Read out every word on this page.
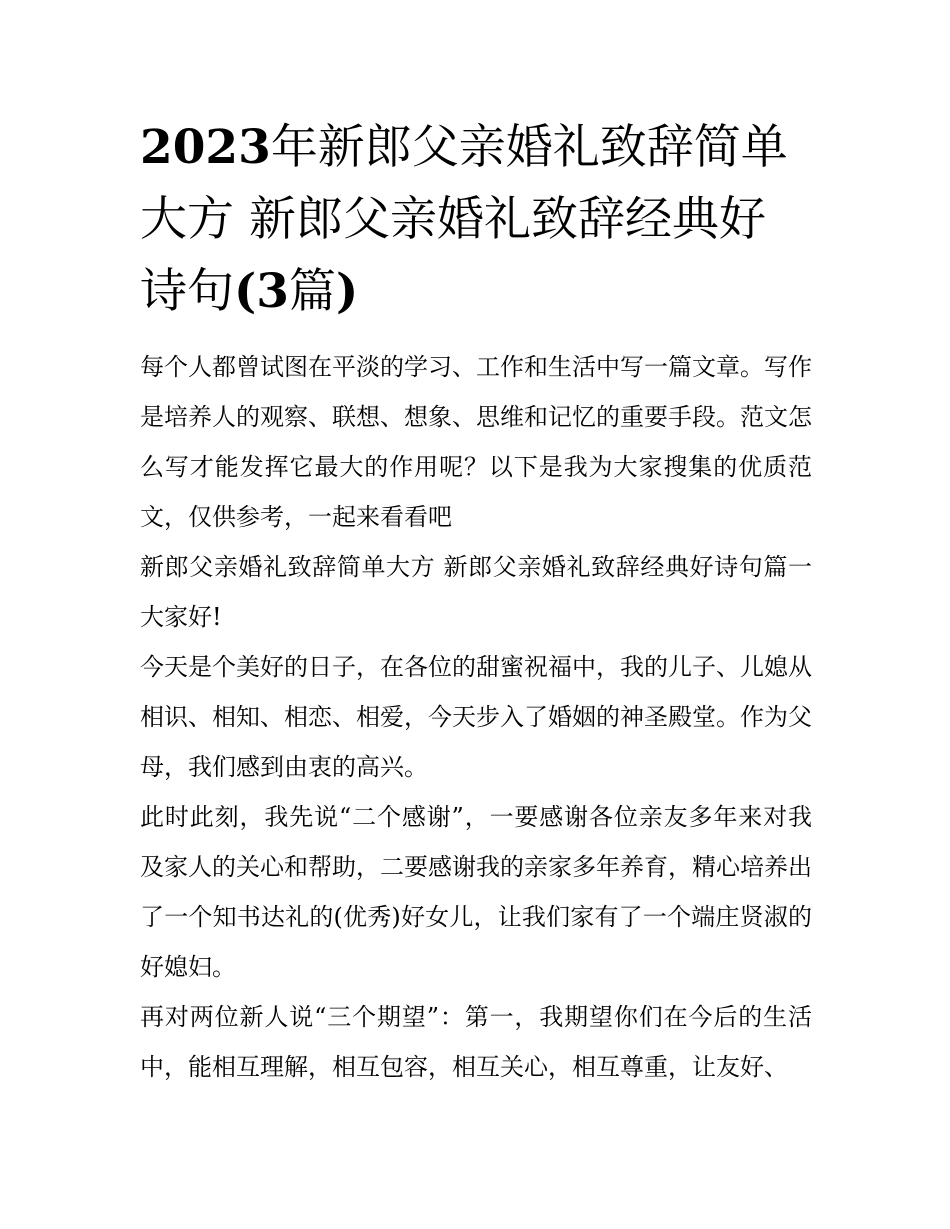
2023年新郎父亲婚礼致辞简单大方 新郎父亲婚礼致辞经典好诗句(3篇)

每个人都曾试图在平淡的学习、工作和生活中写一篇文章。写作是培养人的观察、联想、想象、思维和记忆的重要手段。范文怎么写才能发挥它最大的作用呢？以下是我为大家搜集的优质范文，仅供参考，一起来看看吧

新郎父亲婚礼致辞简单大方 新郎父亲婚礼致辞经典好诗句篇一 大家好!

今天是个美好的日子，在各位的甜蜜祝福中，我的儿子、儿媳从相识、相知、相恋、相爱，今天步入了婚姻的神圣殿堂。作为父母，我们感到由衷的高兴。

此时此刻，我先说“二个感谢”，一要感谢各位亲友多年来对我及家人的关心和帮助，二要感谢我的亲家多年养育，精心培养出了一个知书达礼的(优秀)好女儿，让我们家有了一个端庄贤淑的好媳妇。

再对两位新人说“三个期望”：第一，我期望你们在今后的生活中，能相互理解，相互包容，相互关心，相互尊重，让友好、
